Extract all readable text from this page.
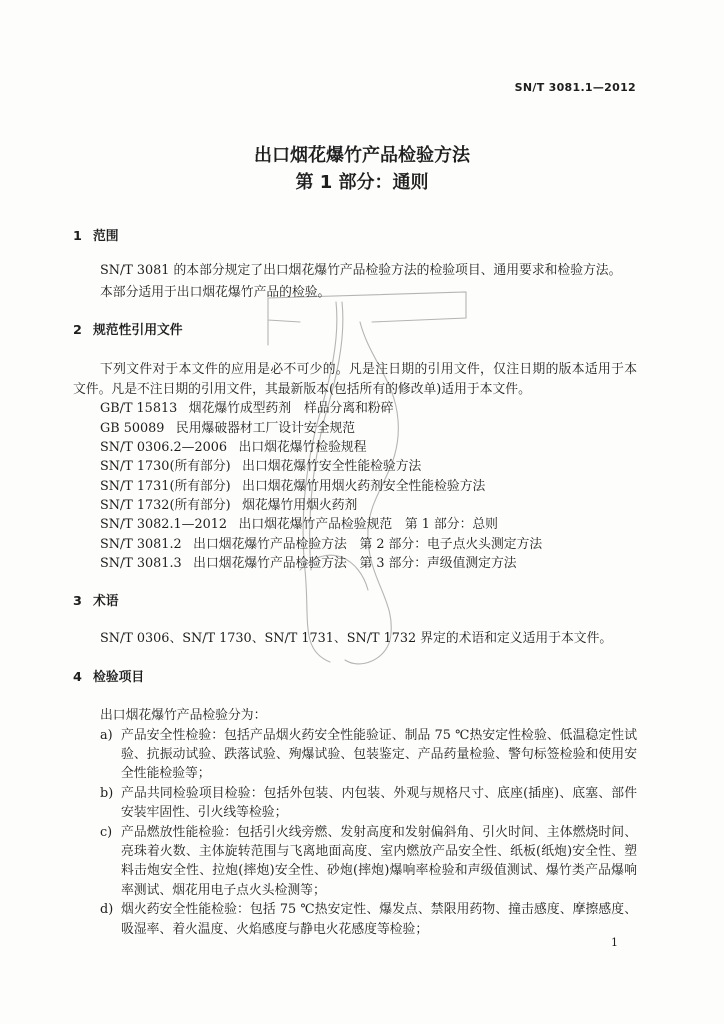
SN/T 3081.1—2012
出口烟花爆竹产品检验方法
第 1 部分：通则
1 范围

SN/T 3081 的本部分规定了出口烟花爆竹产品检验方法的检验项目、通用要求和检验方法。

本部分适用于出口烟花爆竹产品的检验。

2 规范性引用文件

下列文件对于本文件的应用是必不可少的。凡是注日期的引用文件，仅注日期的版本适用于本文件。凡是不注日期的引用文件，其最新版本(包括所有的修改单)适用于本文件。

GB/T 15813 烟花爆竹成型药剂　样品分离和粉碎
GB 50089 民用爆破器材工厂设计安全规范
SN/T 0306.2—2006 出口烟花爆竹检验规程
SN/T 1730(所有部分) 出口烟花爆竹安全性能检验方法
SN/T 1731(所有部分) 出口烟花爆竹用烟火药剂安全性能检验方法
SN/T 1732(所有部分) 烟花爆竹用烟火药剂
SN/T 3082.1—2012 出口烟花爆竹产品检验规范　第 1 部分：总则
SN/T 3081.2 出口烟花爆竹产品检验方法　第 2 部分：电子点火头测定方法
SN/T 3081.3 出口烟花爆竹产品检验方法　第 3 部分：声级值测定方法
3 术语

SN/T 0306、SN/T 1730、SN/T 1731、SN/T 1732 界定的术语和定义适用于本文件。

4 检验项目

出口烟花爆竹产品检验分为：

a) 产品安全性检验：包括产品烟火药安全性能验证、制品 75 ℃热安定性检验、低温稳定性试验、抗振动试验、跌落试验、殉爆试验、包装鉴定、产品药量检验、警句标签检验和使用安全性能检验等；
b) 产品共同检验项目检验：包括外包装、内包装、外观与规格尺寸、底座(插座)、底塞、部件安装牢固性、引火线等检验；
c) 产品燃放性能检验：包括引火线旁燃、发射高度和发射偏斜角、引火时间、主体燃烧时间、亮珠着火数、主体旋转范围与飞离地面高度、室内燃放产品安全性、纸板(纸炮)安全性、塑料击炮安全性、拉炮(摔炮)安全性、砂炮(摔炮)爆响率检验和声级值测试、爆竹类产品爆响率测试、烟花用电子点火头检测等；
d) 烟火药安全性能检验：包括 75 ℃热安定性、爆发点、禁限用药物、撞击感度、摩擦感度、吸湿率、着火温度、火焰感度与静电火花感度等检验；
1
